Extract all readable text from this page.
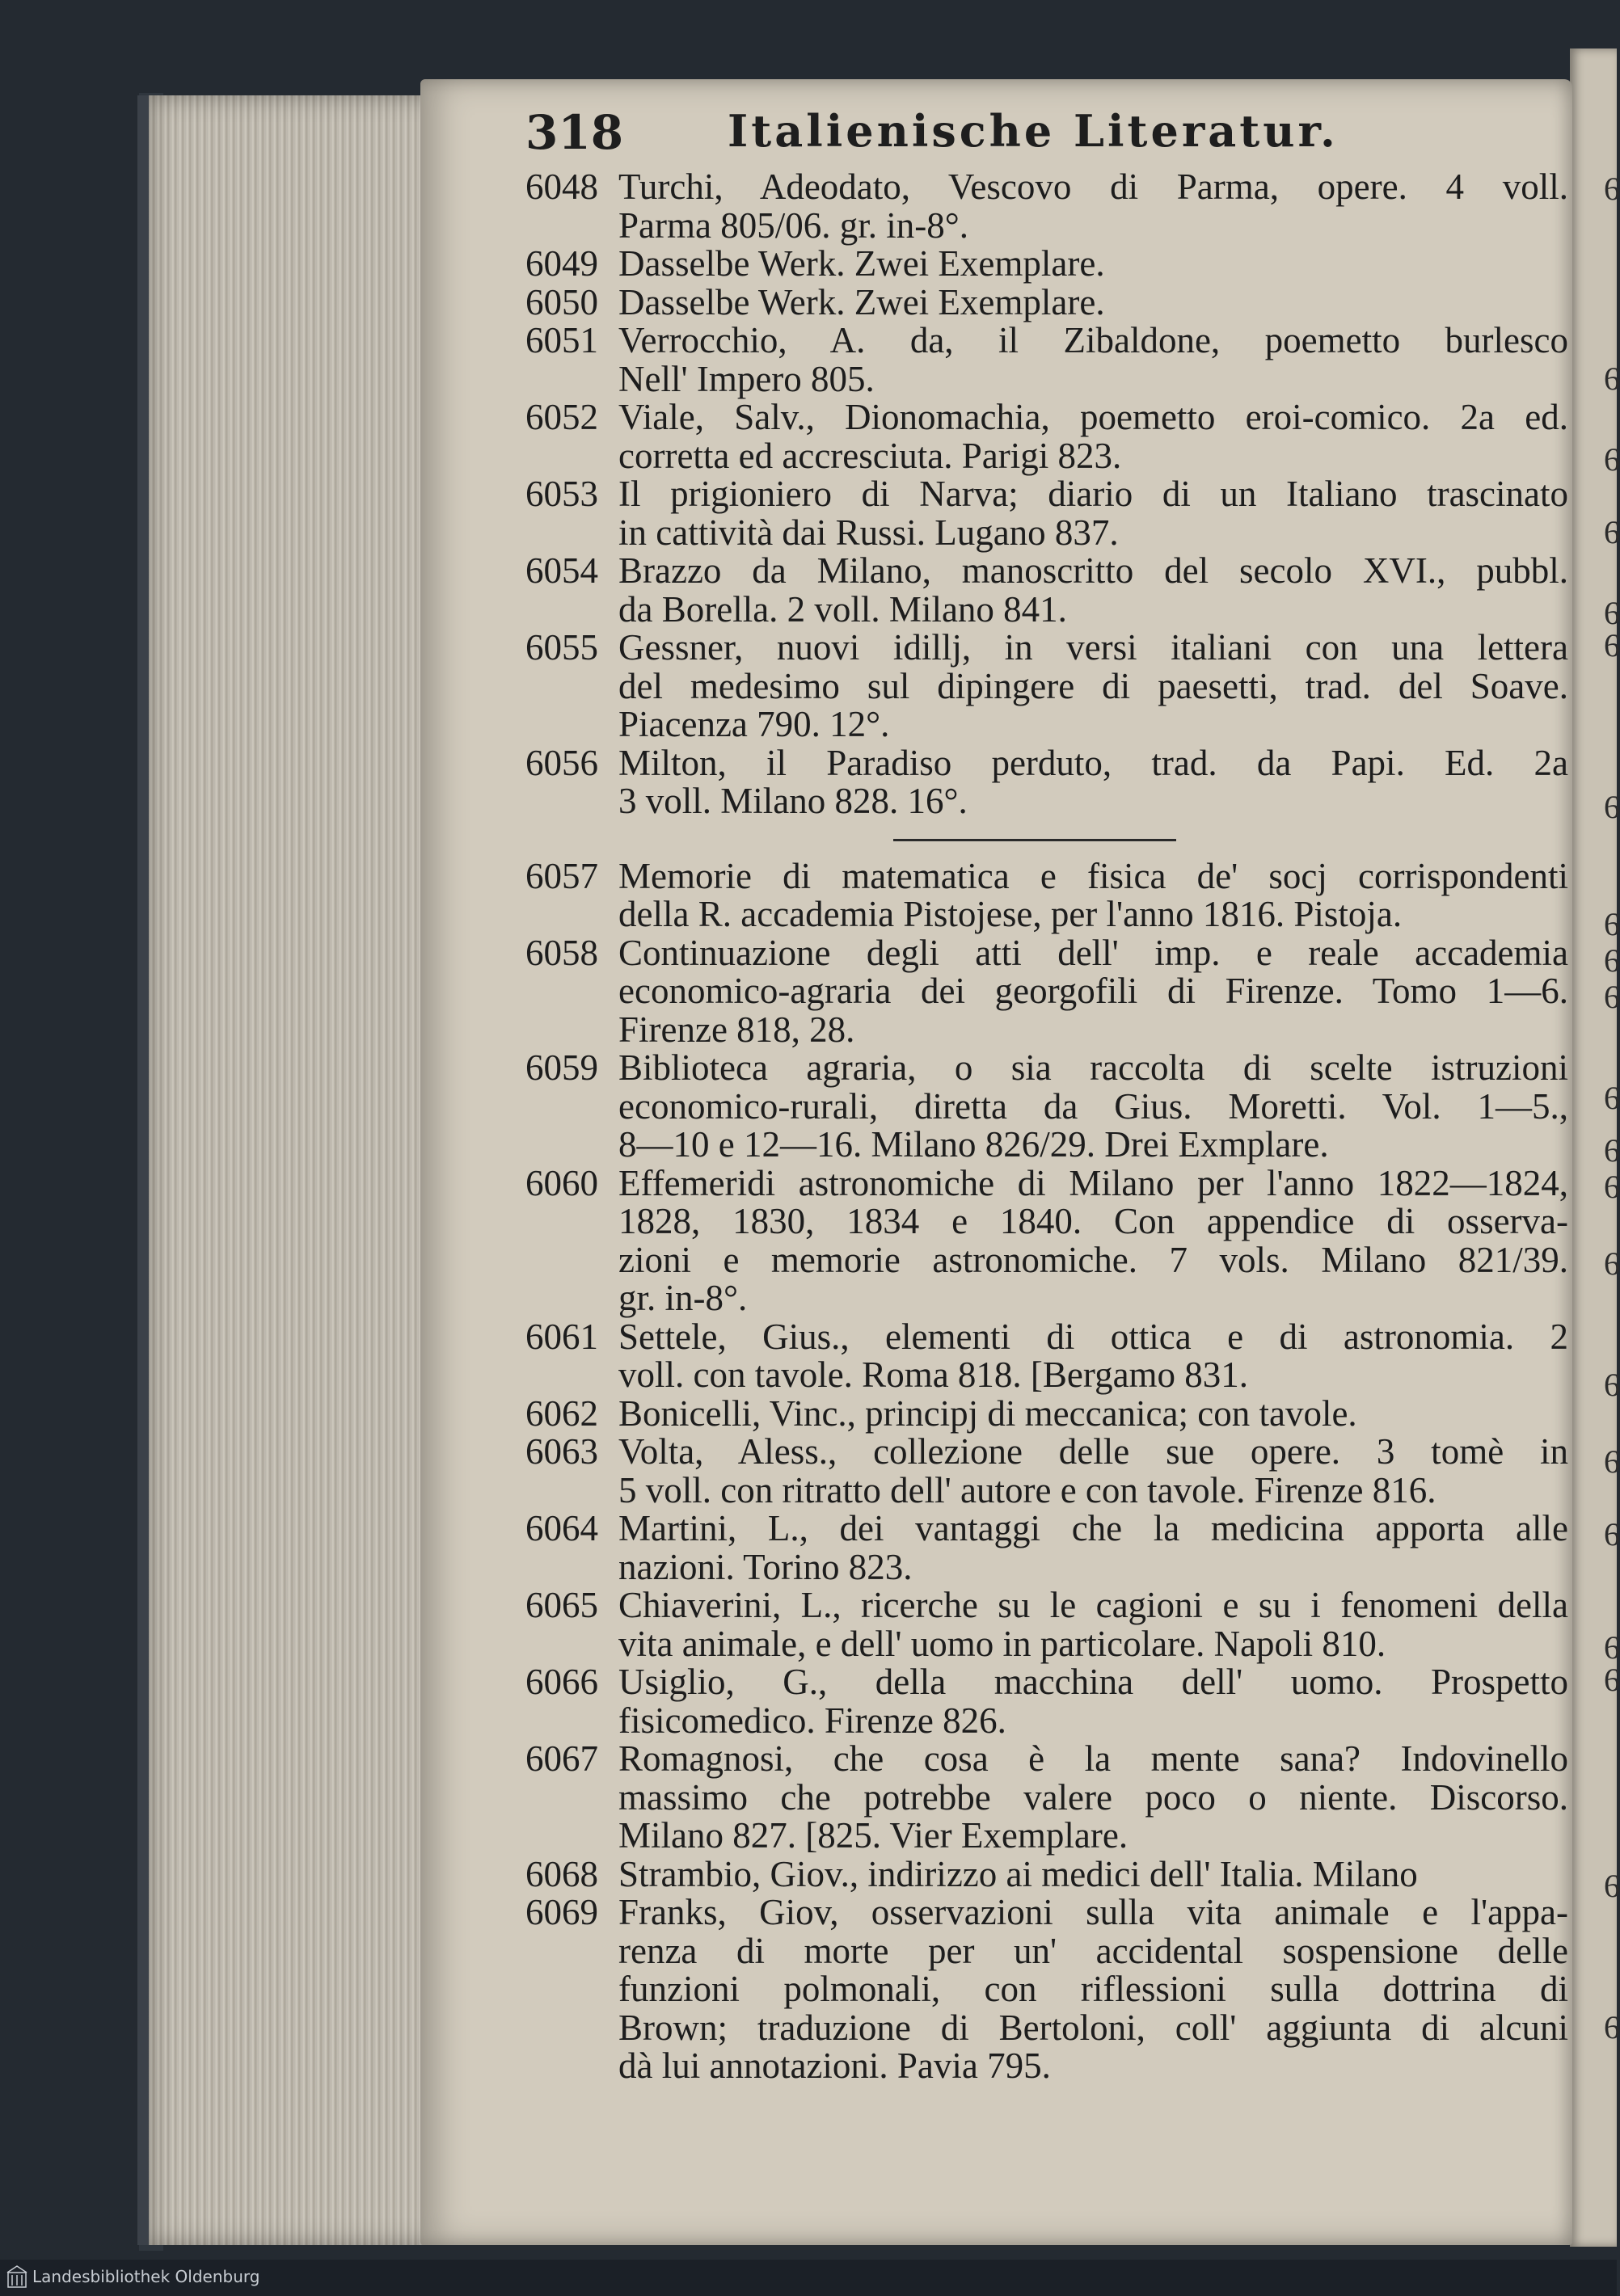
6
6
6
6
6
6
6
6
6
6
6
6
6
6
6
6
6
6
6
6
6
318 Italienische Literatur.
6048 Turchi, Adeodato, Vescovo di Parma, opere. 4 voll.
Parma 805/06. gr. in-8°.
6049 Dasselbe Werk. Zwei Exemplare.
6050 Dasselbe Werk. Zwei Exemplare.
6051 Verrocchio, A. da, il Zibaldone, poemetto burlesco
Nell' Impero 805.
6052 Viale, Salv., Dionomachia, poemetto eroi-comico. 2a ed.
corretta ed accresciuta. Parigi 823.
6053 Il prigioniero di Narva; diario di un Italiano trascinato
in cattività dai Russi. Lugano 837.
6054 Brazzo da Milano, manoscritto del secolo XVI., pubbl.
da Borella. 2 voll. Milano 841.
6055 Gessner, nuovi idillj, in versi italiani con una lettera
del medesimo sul dipingere di paesetti, trad. del Soave.
Piacenza 790. 12°.
6056 Milton, il Paradiso perduto, trad. da Papi. Ed. 2a
3 voll. Milano 828. 16°.
6057 Memorie di matematica e fisica de' socj corrispondenti
della R. accademia Pistojese, per l'anno 1816. Pistoja.
6058 Continuazione degli atti dell' imp. e reale accademia
economico-agraria dei georgofili di Firenze. Tomo 1—6.
Firenze 818, 28.
6059 Biblioteca agraria, o sia raccolta di scelte istruzioni
economico-rurali, diretta da Gius. Moretti. Vol. 1—5.,
8—10 e 12—16. Milano 826/29. Drei Exmplare.
6060 Effemeridi astronomiche di Milano per l'anno 1822—1824,
1828, 1830, 1834 e 1840. Con appendice di osserva-
zioni e memorie astronomiche. 7 vols. Milano 821/39.
gr. in-8°.
6061 Settele, Gius., elementi di ottica e di astronomia. 2
voll. con tavole. Roma 818. [Bergamo 831.
6062 Bonicelli, Vinc., principj di meccanica; con tavole.
6063 Volta, Aless., collezione delle sue opere. 3 tomè in
5 voll. con ritratto dell' autore e con tavole. Firenze 816.
6064 Martini, L., dei vantaggi che la medicina apporta alle
nazioni. Torino 823.
6065 Chiaverini, L., ricerche su le cagioni e su i fenomeni della
vita animale, e dell' uomo in particolare. Napoli 810.
6066 Usiglio, G., della macchina dell' uomo. Prospetto
fisicomedico. Firenze 826.
6067 Romagnosi, che cosa è la mente sana? Indovinello
massimo che potrebbe valere poco o niente. Discorso.
Milano 827. [825. Vier Exemplare.
6068 Strambio, Giov., indirizzo ai medici dell' Italia. Milano
6069 Franks, Giov, osservazioni sulla vita animale e l'appa-
renza di morte per un' accidental sospensione delle
funzioni polmonali, con riflessioni sulla dottrina di
Brown; traduzione di Bertoloni, coll' aggiunta di alcuni
dà lui annotazioni. Pavia 795.
Landesbibliothek Oldenburg
